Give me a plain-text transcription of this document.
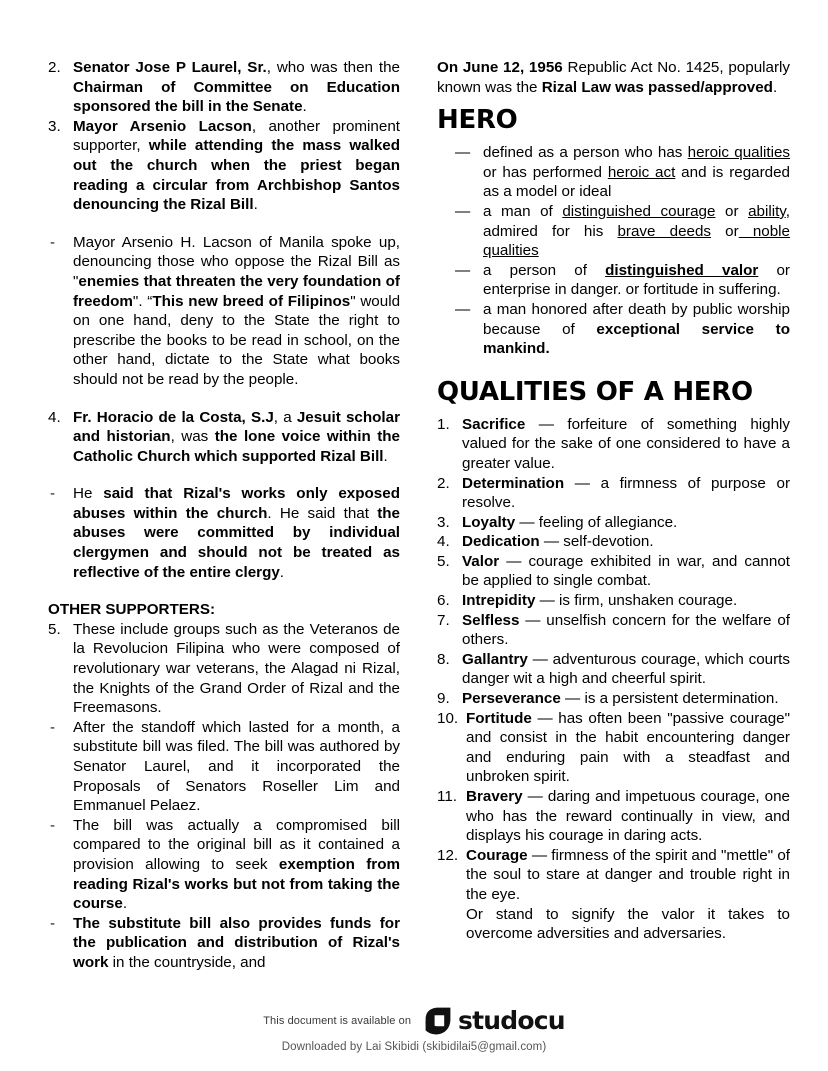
2. Senator Jose P Laurel, Sr., who was then the Chairman of Committee on Education sponsored the bill in the Senate.
3. Mayor Arsenio Lacson, another prominent supporter, while attending the mass walked out the church when the priest began reading a circular from Archbishop Santos denouncing the Rizal Bill.
-	Mayor Arsenio H. Lacson of Manila spoke up, denouncing those who oppose the Rizal Bill as "enemies that threaten the very foundation of freedom". “This new breed of Filipinos" would on one hand, deny to the State the right to prescribe the books to be read in school, on the other hand, dictate to the State what books should not be read by the people.
4. Fr. Horacio de la Costa, S.J, a Jesuit scholar and historian, was the lone voice within the Catholic Church which supported Rizal Bill.
-	He said that Rizal's works only exposed abuses within the church. He said that the abuses were committed by individual clergymen and should not be treated as reflective of the entire clergy.
OTHER SUPPORTERS:
5. These include groups such as the Veteranos de la Revolucion Filipina who were composed of revolutionary war veterans, the Alagad ni Rizal, the Knights of the Grand Order of Rizal and the Freemasons.
-	After the standoff which lasted for a month, a substitute bill was filed. The bill was authored by Senator Laurel, and it incorporated the Proposals of Senators Roseller Lim and Emmanuel Pelaez.
-	The bill was actually a compromised bill compared to the original bill as it contained a provision allowing to seek exemption from reading Rizal's works but not from taking the course.
-	The substitute bill also provides funds for the publication and distribution of Rizal's work in the countryside, and
On June 12, 1956 Republic Act No. 1425, popularly known was the Rizal Law was passed/approved.
HERO
— defined as a person who has heroic qualities or has performed heroic act and is regarded as a model or ideal
— a man of distinguished courage or ability, admired for his brave deeds or noble qualities
— a person of distinguished valor or enterprise in danger. or fortitude in suffering.
— a man honored after death by public worship because of exceptional service to mankind.
QUALITIES OF A HERO
1. Sacrifice — forfeiture of something highly valued for the sake of one considered to have a greater value.
2. Determination — a firmness of purpose or resolve.
3. Loyalty — feeling of allegiance.
4. Dedication — self-devotion.
5. Valor — courage exhibited in war, and cannot be applied to single combat.
6. Intrepidity — is firm, unshaken courage.
7. Selfless — unselfish concern for the welfare of others.
8. Gallantry — adventurous courage, which courts danger wit a high and cheerful spirit.
9. Perseverance — is a persistent determination.
10. Fortitude — has often been "passive courage" and consist in the habit encountering danger and enduring pain with a steadfast and unbroken spirit.
11. Bravery — daring and impetuous courage, one who has the reward continually in view, and displays his courage in daring acts.
12. Courage — firmness of the spirit and "mettle" of the soul to stare at danger and trouble right in the eye.
Or stand to signify the valor it takes to overcome adversities and adversaries.
This document is available on studocu
Downloaded by Lai Skibidi (skibidilai5@gmail.com)
